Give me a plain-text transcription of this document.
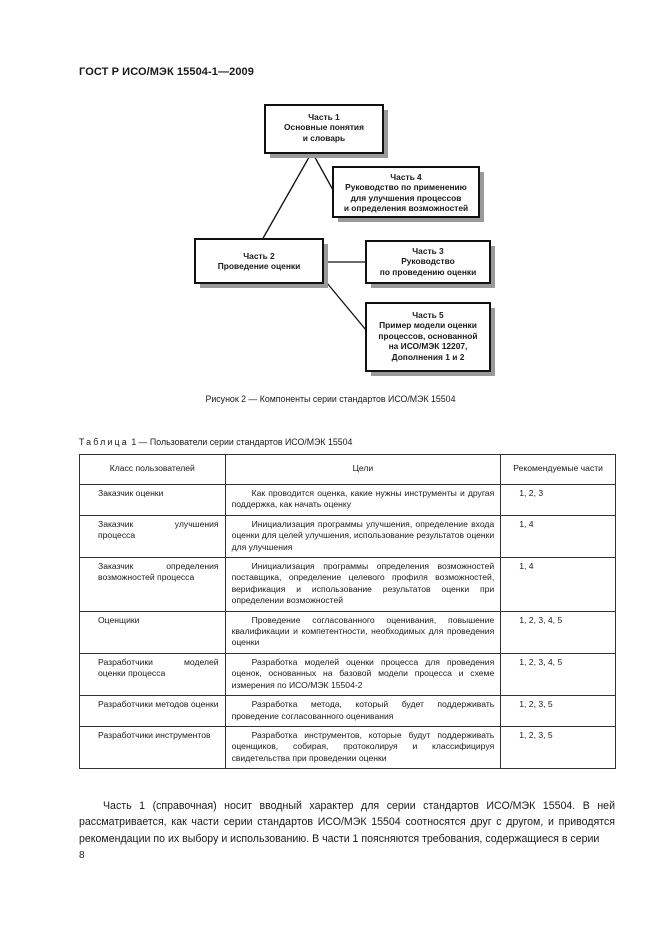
ГОСТ Р ИСО/МЭК 15504-1—2009
Часть 1
Основные понятия
и словарь
Часть 4
Руководство по применению
для улучшения процессов
и определения возможностей
Часть 2
Проведение оценки
Часть 3
Руководство
по проведению оценки
Часть 5
Пример модели оценки
процессов, основанной
на ИСО/МЭК 12207,
Дополнения 1 и 2
Рисунок 2 — Компоненты серии стандартов ИСО/МЭК 15504
Таблица 1 — Пользователи серии стандартов ИСО/МЭК 15504
Класс пользователей	Цели	Рекомендуемые части
Заказчик оценки	Как проводится оценка, какие нужны инструменты и другая поддержка, как начать оценку	1, 2, 3
Заказчик улучшения процесса	Инициализация программы улучшения, определение входа оценки для целей улучшения, использование результатов оценки для улучшения	1, 4
Заказчик определения возможностей процесса	Инициализация программы определения возможностей поставщика, определение целевого профиля возможностей, верификация и использование результатов оценки при определении возможностей	1, 4
Оценщики	Проведение согласованного оценивания, повышение квалификации и компетентности, необходимых для проведения оценки	1, 2, 3, 4, 5
Разработчики моделей оценки процесса	Разработка моделей оценки процесса для проведения оценок, основанных на базовой модели процесса и схеме измерения по ИСО/МЭК 15504-2	1, 2, 3, 4, 5
Разработчики методов оценки	Разработка метода, который будет поддерживать проведение согласованного оценивания	1, 2, 3, 5
Разработчики инструментов	Разработка инструментов, которые будут поддерживать оценщиков, собирая, протоколируя и классифицируя свидетельства при проведении оценки	1, 2, 3, 5
Часть 1 (справочная) носит вводный характер для серии стандартов ИСО/МЭК 15504. В ней рассматривается, как части серии стандартов ИСО/МЭК 15504 соотносятся друг с другом, и приводятся рекомендации по их выбору и использованию. В части 1 поясняются требования, содержащиеся в серии
8
